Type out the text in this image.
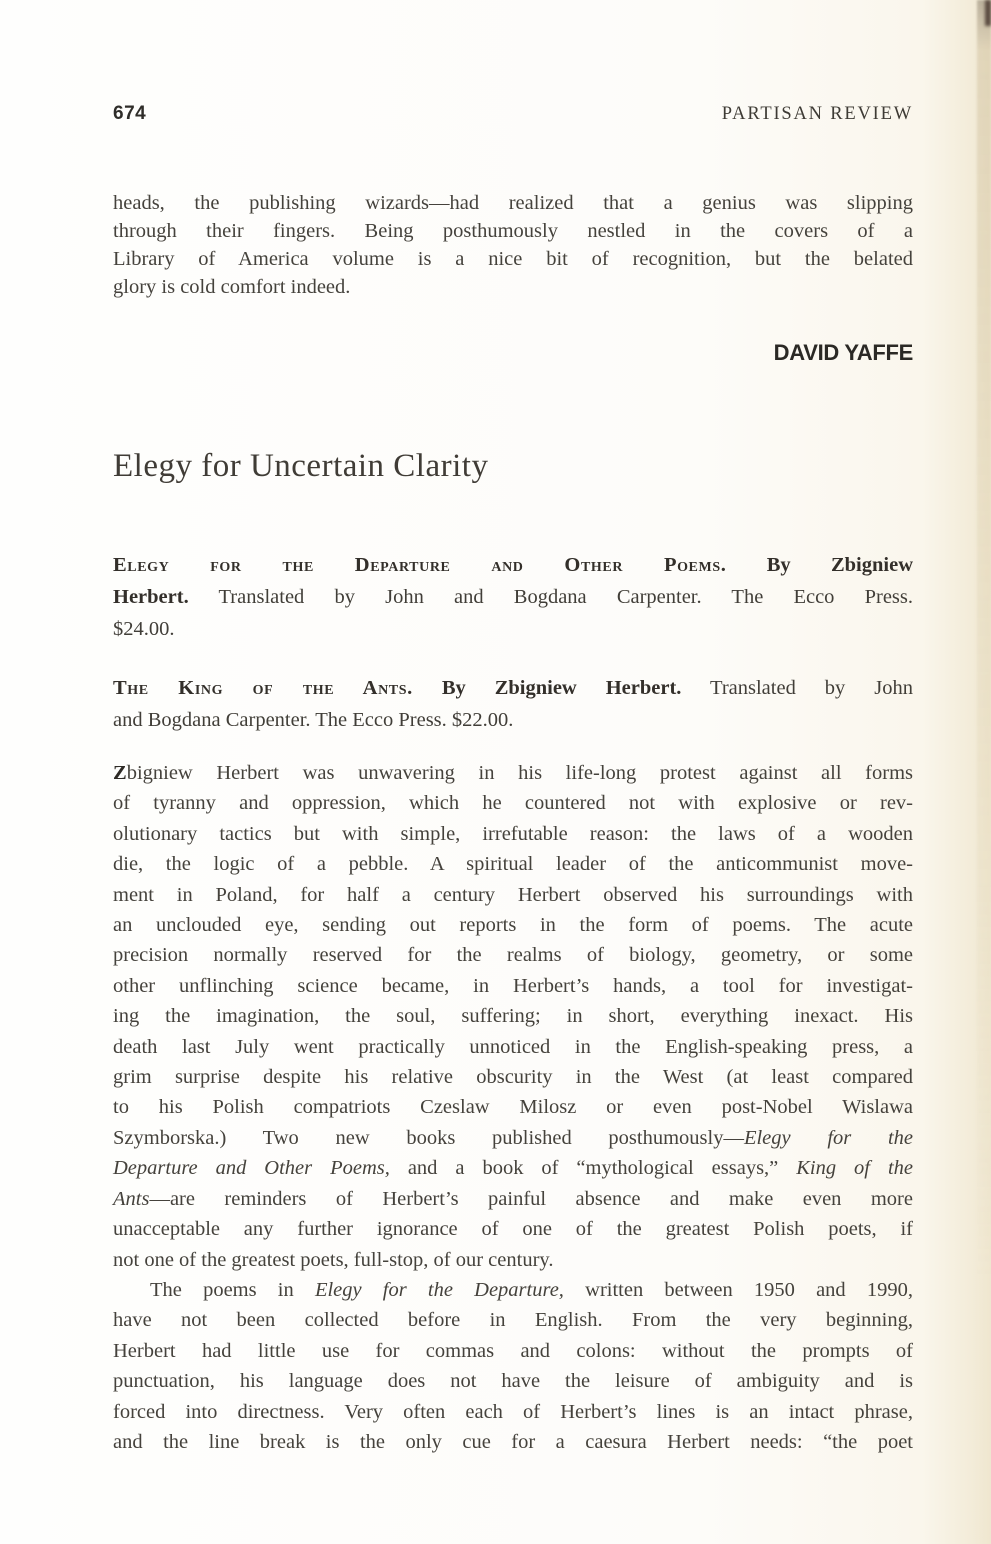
674	PARTISAN REVIEW
heads, the publishing wizards—had realized that a genius was slipping
through their fingers. Being posthumously nestled in the covers of a
Library of America volume is a nice bit of recognition, but the belated
glory is cold comfort indeed.
DAVID YAFFE
Elegy for Uncertain Clarity
Elegy for the Departure and Other Poems. By Zbigniew
Herbert. Translated by John and Bogdana Carpenter. The Ecco Press.
$24.00.
The King of the Ants. By Zbigniew Herbert. Translated by John
and Bogdana Carpenter. The Ecco Press. $22.00.
Zbigniew Herbert was unwavering in his life-long protest against all forms
of tyranny and oppression, which he countered not with explosive or rev-
olutionary tactics but with simple, irrefutable reason: the laws of a wooden
die, the logic of a pebble. A spiritual leader of the anticommunist move-
ment in Poland, for half a century Herbert observed his surroundings with
an unclouded eye, sending out reports in the form of poems. The acute
precision normally reserved for the realms of biology, geometry, or some
other unflinching science became, in Herbert’s hands, a tool for investigat-
ing the imagination, the soul, suffering; in short, everything inexact. His
death last July went practically unnoticed in the English-speaking press, a
grim surprise despite his relative obscurity in the West (at least compared
to his Polish compatriots Czeslaw Milosz or even post-Nobel Wislawa
Szymborska.) Two new books published posthumously—Elegy for the
Departure and Other Poems, and a book of “mythological essays,” King of the
Ants—are reminders of Herbert’s painful absence and make even more
unacceptable any further ignorance of one of the greatest Polish poets, if
not one of the greatest poets, full-stop, of our century.
The poems in Elegy for the Departure, written between 1950 and 1990,
have not been collected before in English. From the very beginning,
Herbert had little use for commas and colons: without the prompts of
punctuation, his language does not have the leisure of ambiguity and is
forced into directness. Very often each of Herbert’s lines is an intact phrase,
and the line break is the only cue for a caesura Herbert needs: “the poet
